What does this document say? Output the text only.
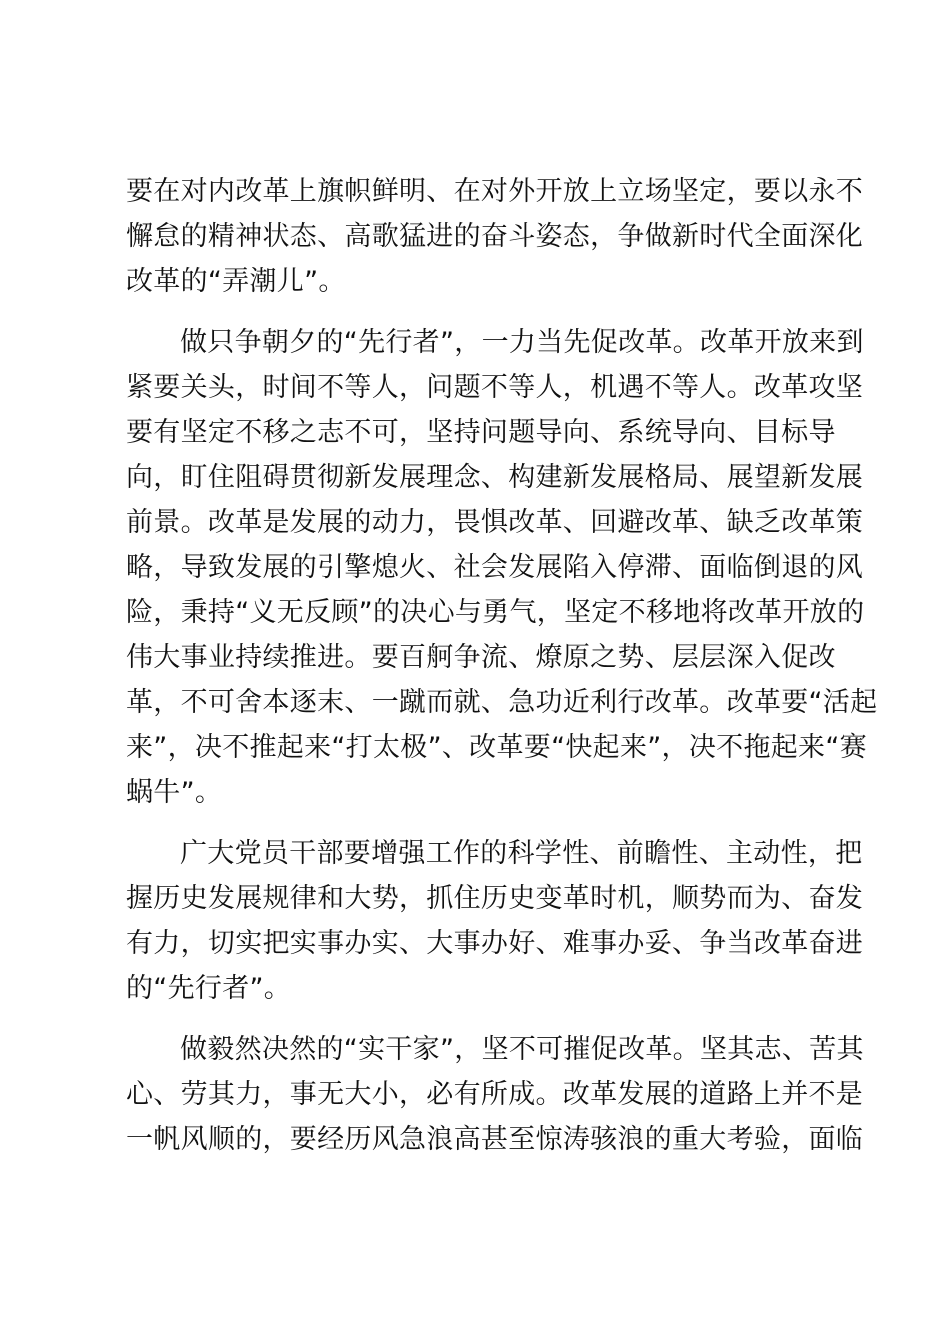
要在对内改革上旗帜鲜明、在对外开放上立场坚定，要以永不
懈怠的精神状态、高歌猛进的奋斗姿态，争做新时代全面深化
改革的“弄潮儿”。

做只争朝夕的“先行者”，一力当先促改革。改革开放来到
紧要关头，时间不等人，问题不等人，机遇不等人。改革攻坚
要有坚定不移之志不可，坚持问题导向、系统导向、目标导
向，盯住阻碍贯彻新发展理念、构建新发展格局、展望新发展
前景。改革是发展的动力，畏惧改革、回避改革、缺乏改革策
略，导致发展的引擎熄火、社会发展陷入停滞、面临倒退的风
险，秉持“义无反顾”的决心与勇气，坚定不移地将改革开放的
伟大事业持续推进。要百舸争流、燎原之势、层层深入促改
革，不可舍本逐末、一蹴而就、急功近利行改革。改革要“活起
来”，决不推起来“打太极”、改革要“快起来”，决不拖起来“赛
蜗牛”。

广大党员干部要增强工作的科学性、前瞻性、主动性，把
握历史发展规律和大势，抓住历史变革时机，顺势而为、奋发
有力，切实把实事办实、大事办好、难事办妥、争当改革奋进
的“先行者”。

做毅然决然的“实干家”，坚不可摧促改革。坚其志、苦其
心、劳其力，事无大小，必有所成。改革发展的道路上并不是
一帆风顺的，要经历风急浪高甚至惊涛骇浪的重大考验，面临
